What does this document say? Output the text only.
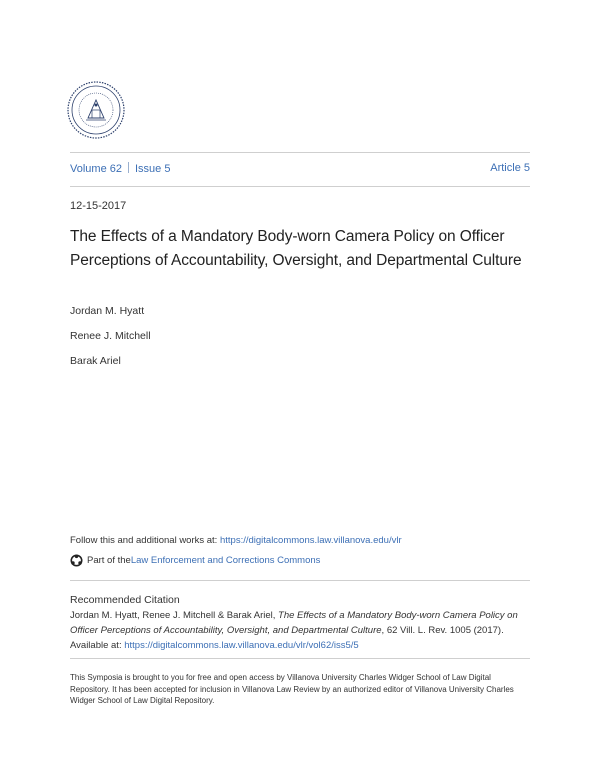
Volume 62 Issue 5	Article 5
12-15-2017
The Effects of a Mandatory Body-worn Camera Policy on Officer Perceptions of Accountability, Oversight, and Departmental Culture
Jordan M. Hyatt
Renee J. Mitchell
Barak Ariel
Follow this and additional works at: https://digitalcommons.law.villanova.edu/vlr
Part of the Law Enforcement and Corrections Commons
Recommended Citation
Jordan M. Hyatt, Renee J. Mitchell & Barak Ariel, The Effects of a Mandatory Body-worn Camera Policy on Officer Perceptions of Accountability, Oversight, and Departmental Culture, 62 Vill. L. Rev. 1005 (2017).
Available at: https://digitalcommons.law.villanova.edu/vlr/vol62/iss5/5
This Symposia is brought to you for free and open access by Villanova University Charles Widger School of Law Digital Repository. It has been accepted for inclusion in Villanova Law Review by an authorized editor of Villanova University Charles Widger School of Law Digital Repository.
